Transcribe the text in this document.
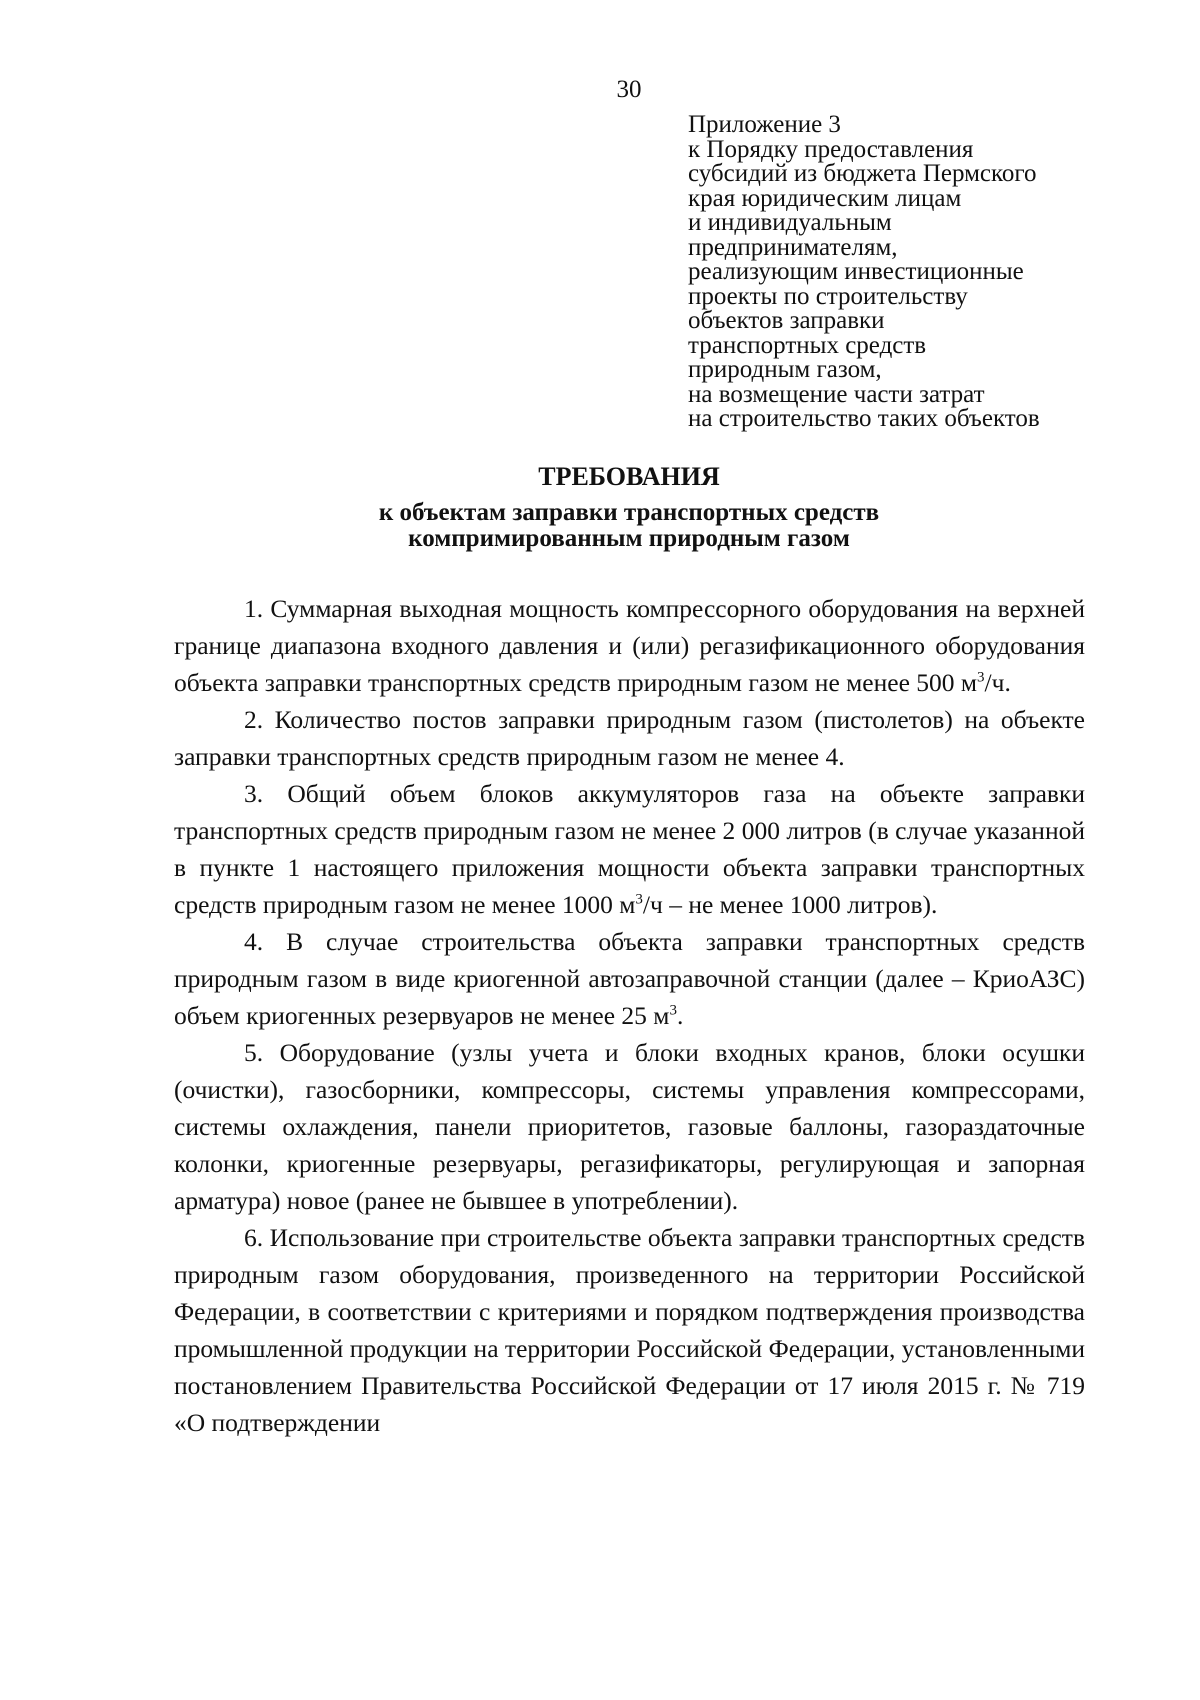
30
Приложение 3
к Порядку предоставления
субсидий из бюджета Пермского
края юридическим лицам
и индивидуальным
предпринимателям,
реализующим инвестиционные
проекты по строительству
объектов заправки
транспортных средств
природным газом,
на возмещение части затрат
на строительство таких объектов
ТРЕБОВАНИЯ
к объектам заправки транспортных средств
компримированным природным газом

1. Суммарная выходная мощность компрессорного оборудования на верхней границе диапазона входного давления и (или) регазификационного оборудования объекта заправки транспортных средств природным газом не менее 500 $м^3/ч$.

2. Количество постов заправки природным газом (пистолетов) на объекте заправки транспортных средств природным газом не менее 4.

3. Общий объем блоков аккумуляторов газа на объекте заправки транспортных средств природным газом не менее 2 000 литров (в случае указанной в пункте 1 настоящего приложения мощности объекта заправки транспортных средств природным газом не менее 1000 $м^3/ч$ – не менее 1000 литров).

4. В случае строительства объекта заправки транспортных средств природным газом в виде криогенной автозаправочной станции (далее – КриоАЗС) объем криогенных резервуаров не менее 25 $м^3$.

5. Оборудование (узлы учета и блоки входных кранов, блоки осушки (очистки), газосборники, компрессоры, системы управления компрессорами, системы охлаждения, панели приоритетов, газовые баллоны, газораздаточные колонки, криогенные резервуары, регазификаторы, регулирующая и запорная арматура) новое (ранее не бывшее в употреблении).

6. Использование при строительстве объекта заправки транспортных средств природным газом оборудования, произведенного на территории Российской Федерации, в соответствии с критериями и порядком подтверждения производства промышленной продукции на территории Российской Федерации, установленными постановлением Правительства Российской Федерации от 17 июля 2015 г. № 719 «О подтверждении
